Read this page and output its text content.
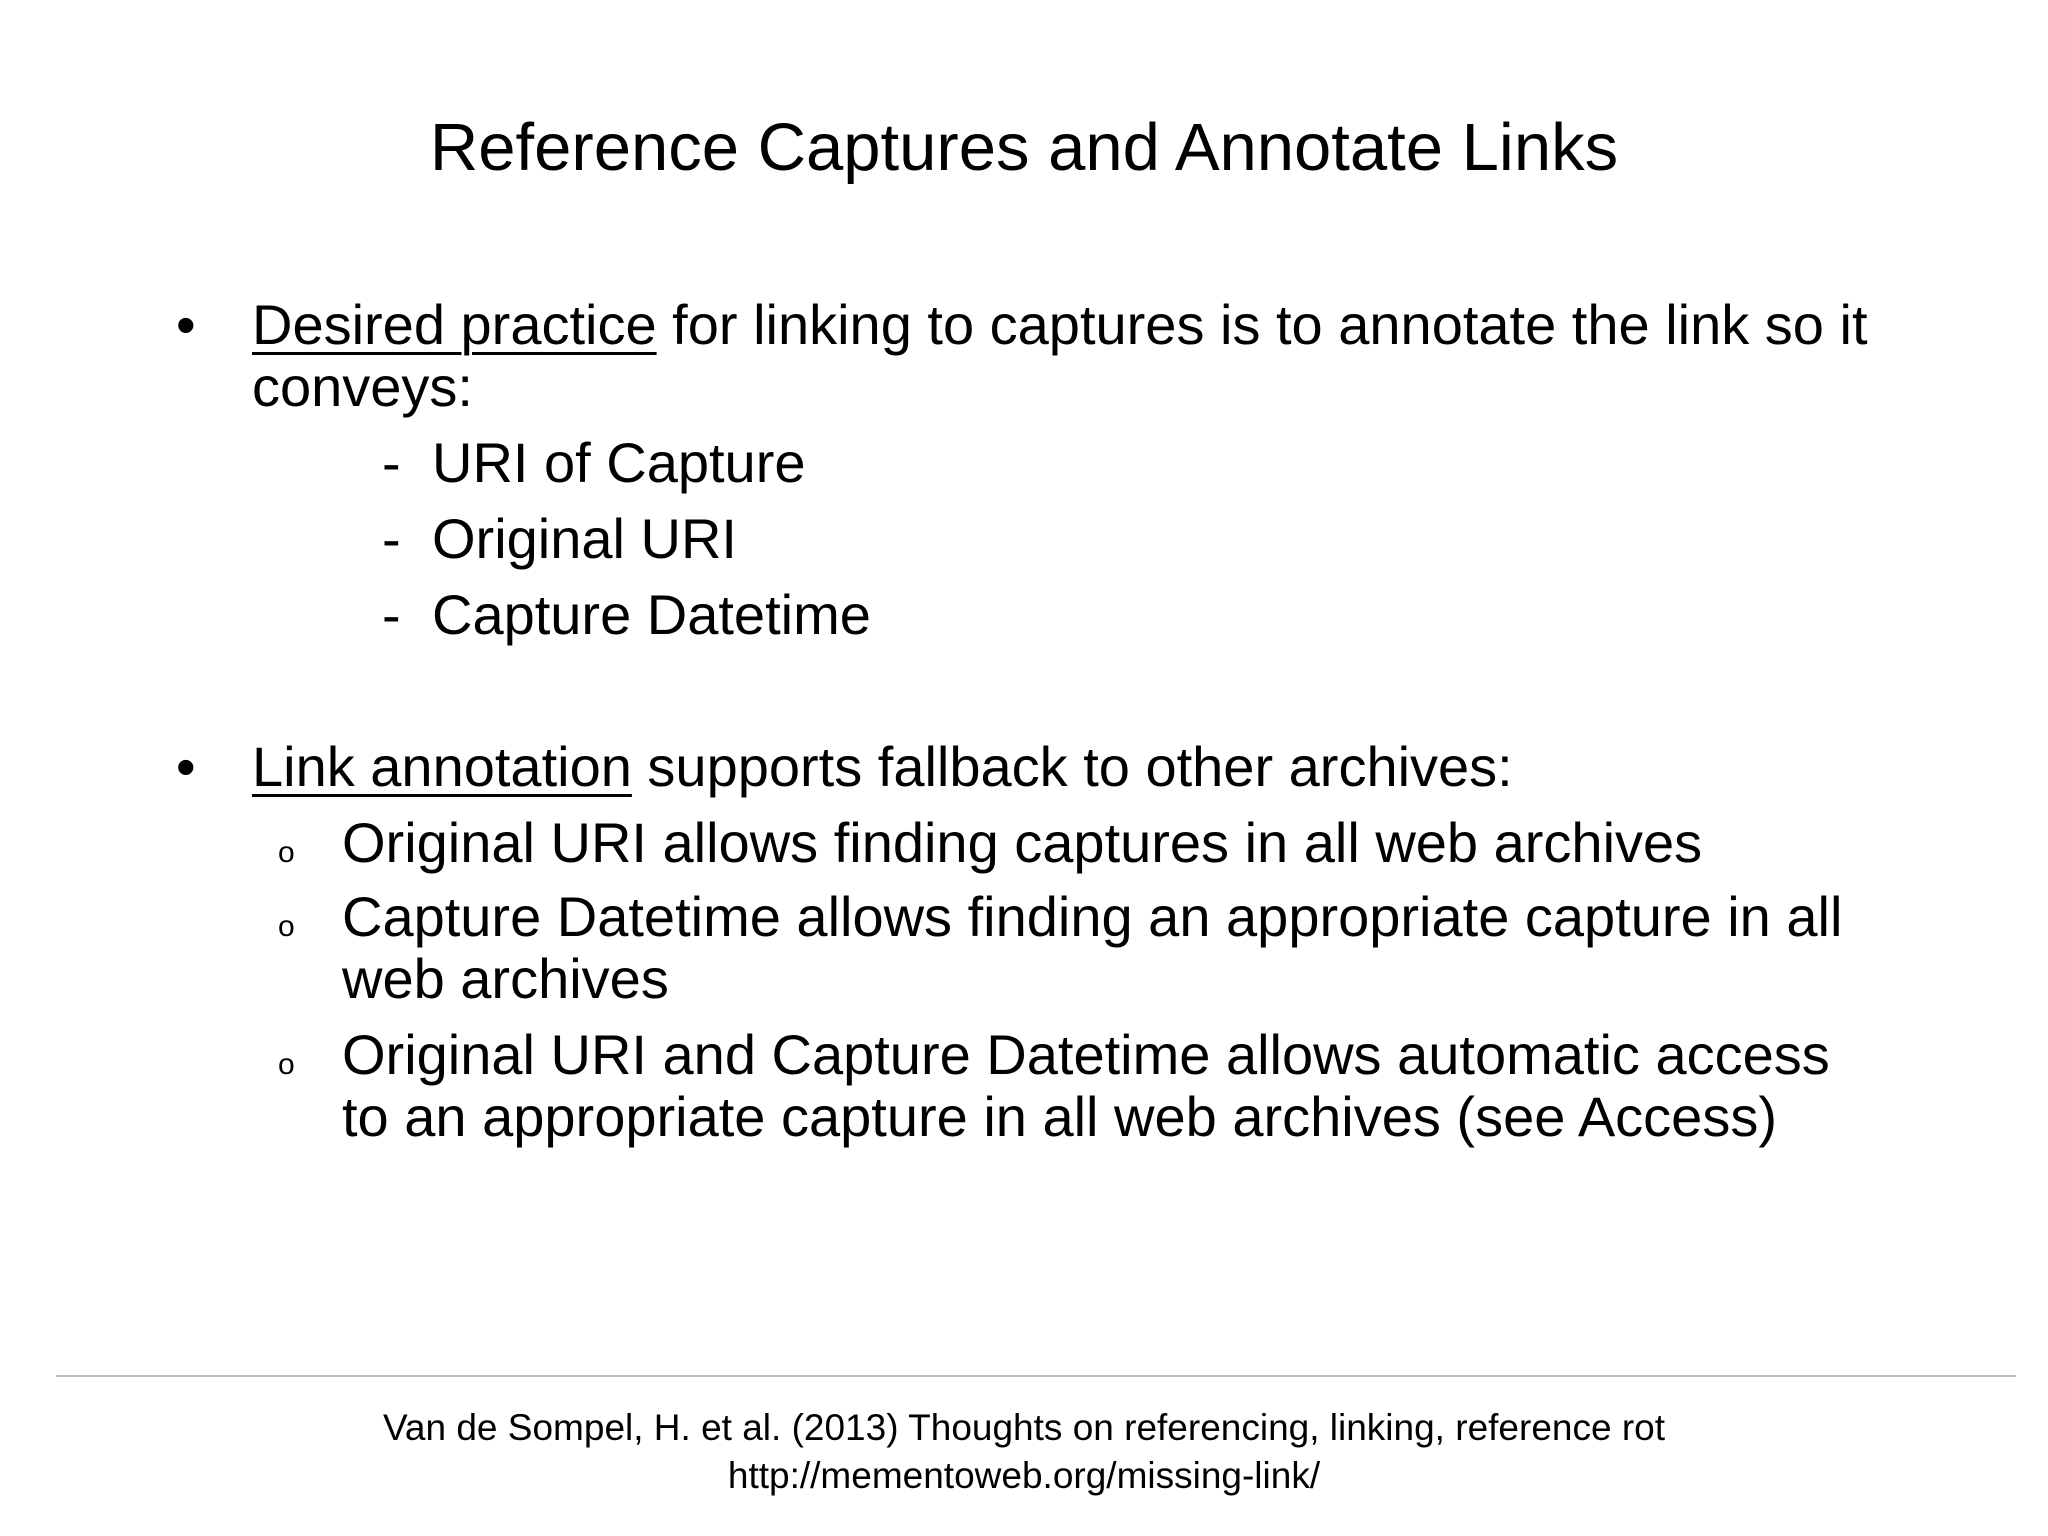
Reference Captures and Annotate Links
• Desired practice for linking to captures is to annotate the link so it
conveys:
- URI of Capture
- Original URI
- Capture Datetime
• Link annotation supports fallback to other archives:
o Original URI allows finding captures in all web archives
o Capture Datetime allows finding an appropriate capture in all
web archives
o Original URI and Capture Datetime allows automatic access
to an appropriate capture in all web archives (see Access)
Van de Sompel, H. et al. (2013) Thoughts on referencing, linking, reference rot
http://mementoweb.org/missing-link/
